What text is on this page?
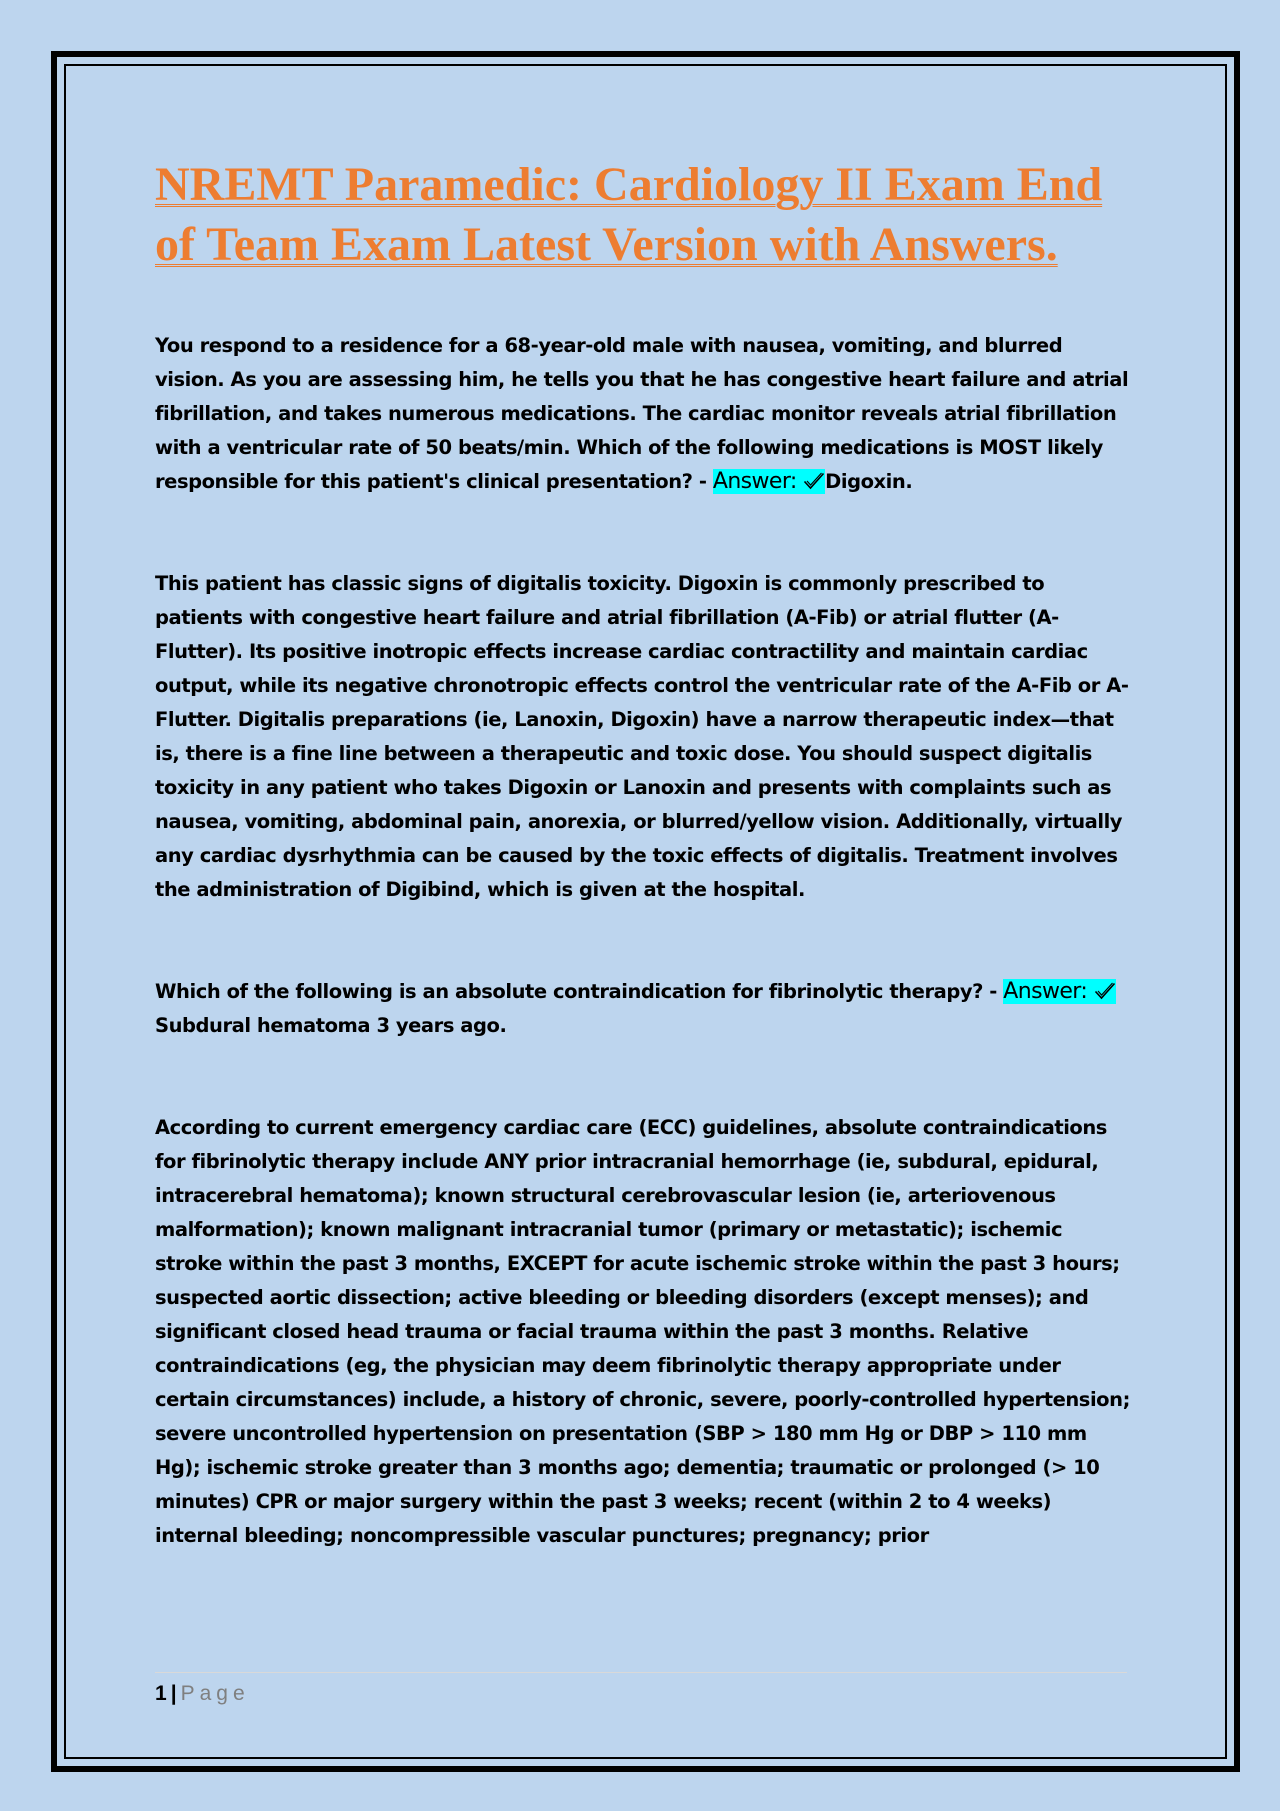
NREMT Paramedic: Cardiology II Exam End of Team Exam Latest Version with Answers.

You respond to a residence for a 68-year-old male with nausea, vomiting, and blurred vision. As you are assessing him, he tells you that he has congestive heart failure and atrial fibrillation, and takes numerous medications. The cardiac monitor reveals atrial fibrillation with a ventricular rate of 50 beats/min. Which of the following medications is MOST likely responsible for this patient's clinical presentation? - Answer: Digoxin.

This patient has classic signs of digitalis toxicity. Digoxin is commonly prescribed to patients with congestive heart failure and atrial fibrillation (A-Fib) or atrial flutter (A-Flutter). Its positive inotropic effects increase cardiac contractility and maintain cardiac output, while its negative chronotropic effects control the ventricular rate of the A-Fib or A-Flutter. Digitalis preparations (ie, Lanoxin, Digoxin) have a narrow therapeutic index—that is, there is a fine line between a therapeutic and toxic dose. You should suspect digitalis toxicity in any patient who takes Digoxin or Lanoxin and presents with complaints such as nausea, vomiting, abdominal pain, anorexia, or blurred/yellow vision. Additionally, virtually any cardiac dysrhythmia can be caused by the toxic effects of digitalis. Treatment involves the administration of Digibind, which is given at the hospital.

Which of the following is an absolute contraindication for fibrinolytic therapy? - Answer: Subdural hematoma 3 years ago.

According to current emergency cardiac care (ECC) guidelines, absolute contraindications for fibrinolytic therapy include ANY prior intracranial hemorrhage (ie, subdural, epidural, intracerebral hematoma); known structural cerebrovascular lesion (ie, arteriovenous malformation); known malignant intracranial tumor (primary or metastatic); ischemic stroke within the past 3 months, EXCEPT for acute ischemic stroke within the past 3 hours; suspected aortic dissection; active bleeding or bleeding disorders (except menses); and significant closed head trauma or facial trauma within the past 3 months. Relative contraindications (eg, the physician may deem fibrinolytic therapy appropriate under certain circumstances) include, a history of chronic, severe, poorly-controlled hypertension; severe uncontrolled hypertension on presentation (SBP > 180 mm Hg or DBP > 110 mm Hg); ischemic stroke greater than 3 months ago; dementia; traumatic or prolonged (> 10 minutes) CPR or major surgery within the past 3 weeks; recent (within 2 to 4 weeks) internal bleeding; noncompressible vascular punctures; pregnancy; prior

1 | Page
